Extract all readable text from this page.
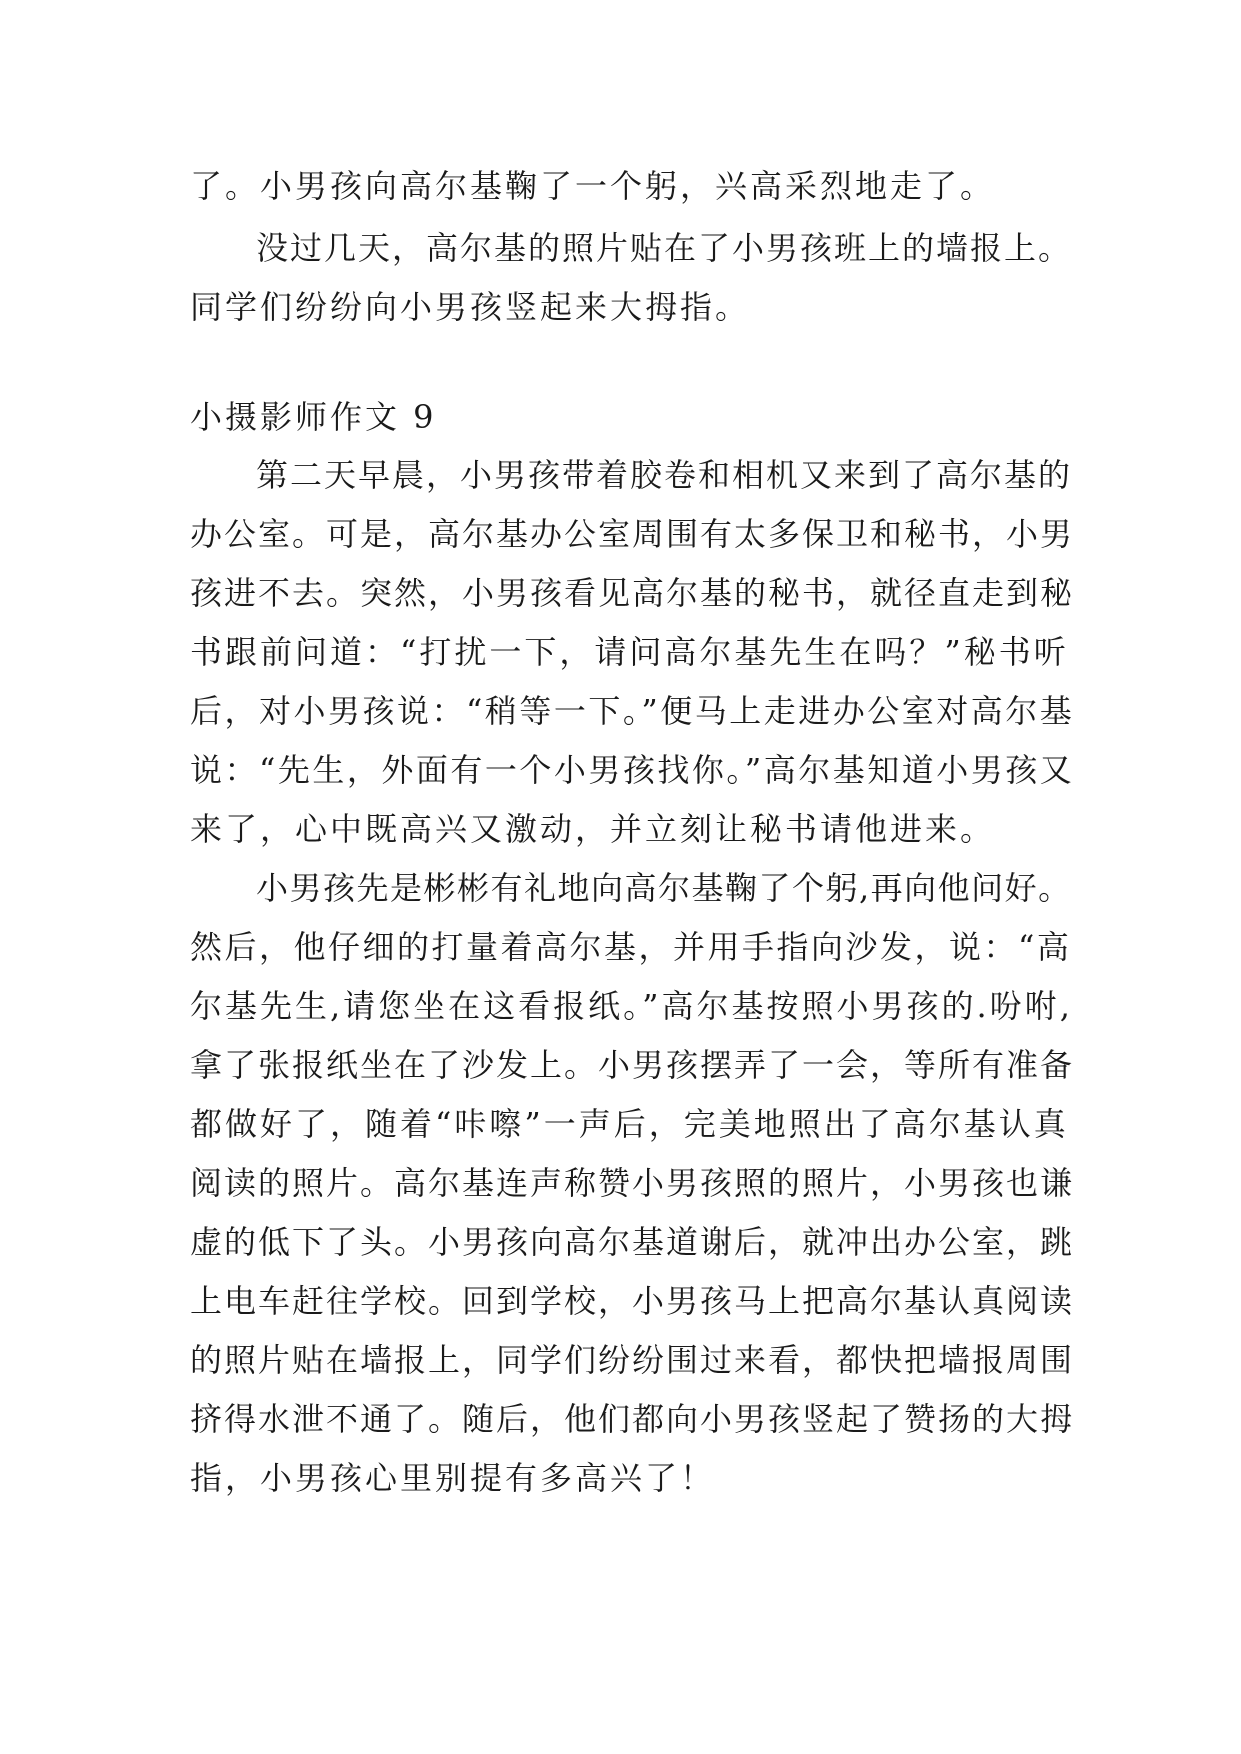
了。小男孩向高尔基鞠了一个躬，兴高采烈地走了。
没过几天，高尔基的照片贴在了小男孩班上的墙报上。
同学们纷纷向小男孩竖起来大拇指。
小摄影师作文 9
第二天早晨，小男孩带着胶卷和相机又来到了高尔基的
办公室。可是，高尔基办公室周围有太多保卫和秘书，小男
孩进不去。突然，小男孩看见高尔基的秘书，就径直走到秘
书跟前问道：“打扰一下，请问高尔基先生在吗？”秘书听
后，对小男孩说：“稍等一下。”便马上走进办公室对高尔基
说：“先生，外面有一个小男孩找你。”高尔基知道小男孩又
来了，心中既高兴又激动，并立刻让秘书请他进来。
小男孩先是彬彬有礼地向高尔基鞠了个躬,再向他问好。
然后，他仔细的打量着高尔基，并用手指向沙发，说：“高
尔基先生,请您坐在这看报纸。”高尔基按照小男孩的.吩咐,
拿了张报纸坐在了沙发上。小男孩摆弄了一会，等所有准备
都做好了，随着“咔嚓”一声后，完美地照出了高尔基认真
阅读的照片。高尔基连声称赞小男孩照的照片，小男孩也谦
虚的低下了头。小男孩向高尔基道谢后，就冲出办公室，跳
上电车赶往学校。回到学校，小男孩马上把高尔基认真阅读
的照片贴在墙报上，同学们纷纷围过来看，都快把墙报周围
挤得水泄不通了。随后，他们都向小男孩竖起了赞扬的大拇
指，小男孩心里别提有多高兴了！
